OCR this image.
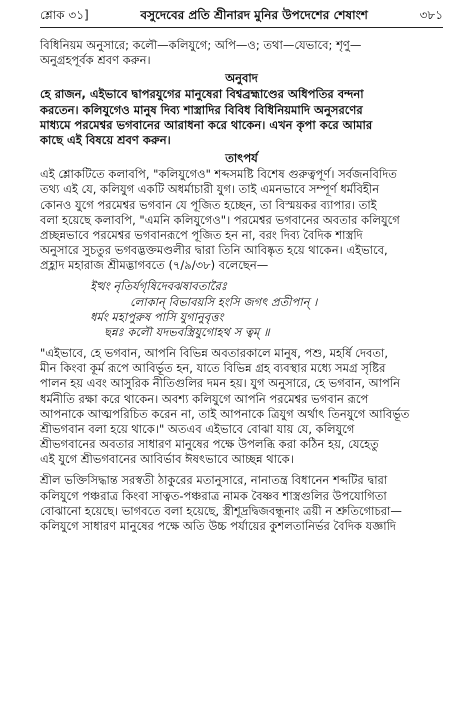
শ্লোক ৩১]	বসুদেবের প্রতি শ্রীনারদ মুনির উপদেশের শেষাংশ	৩৮১

বিধিনিয়ম অনুসারে; কলৌ—কলিযুগে; অপি—ও; তথা—যেভাবে; শৃণু—
অনুগ্রহপূর্বক শ্রবণ করুন।

অনুবাদ

হে রাজন, এইভাবে দ্বাপরযুগের মানুষেরা বিশ্বব্রহ্মাণ্ডের অধিপতির বন্দনা
করতেন। কলিযুগেও মানুষ দিব্য শাস্ত্রাদির বিবিধ বিধিনিয়মাদি অনুসরণের
মাধ্যমে পরমেশ্বর ভগবানের আরাধনা করে থাকেন। এখন কৃপা করে আমার
কাছে এই বিষয়ে শ্রবণ করুন।

তাৎপর্য

এই শ্লোকটিতে কলাবপি, "কলিযুগেও" শব্দসমষ্টি বিশেষ গুরুত্বপূর্ণ। সর্বজনবিদিত
তথ্য এই যে, কলিযুগ একটি অধর্মাচারী যুগ। তাই এমনভাবে সম্পূর্ণ ধর্মবিহীন
কোনও যুগে পরমেশ্বর ভগবান যে পূজিত হচ্ছেন, তা বিস্ময়কর ব্যাপার। তাই
বলা হয়েছে কলাবপি, "এমনি কলিযুগেও"। পরমেশ্বর ভগবানের অবতার কলিযুগে
প্রচ্ছন্নভাবে পরমেশ্বর ভগবানরূপে পূজিত হন না, বরং দিব্য বৈদিক শাস্ত্রদি
অনুসারে সুচতুর ভগবদ্ভক্তমণ্ডলীর দ্বারা তিনি আবিষ্কৃত হয়ে থাকেন। এইভাবে,
প্রহ্লাদ মহারাজ শ্রীমদ্ভাগবতে (৭/৯/৩৮) বলেছেন—

ইত্থং নৃতির্যগৃষিদেবঝষাবতারৈঃ
লোকান্‌ বিভাবয়সি হংসি জগৎ প্রতীপান্‌ ।
ধর্মং মহাপুরুষ পাসি যুগানুবৃত্তং
ছন্নঃ কলৌ যদভবস্ত্রিযুগোহথ স ত্বম্‌ ॥

"এইভাবে, হে ভগবান, আপনি বিভিন্ন অবতারকালে মানুষ, পশু, মহর্ষি দেবতা,
মীন কিংবা কূর্ম রূপে আবির্ভূত হন, যাতে বিভিন্ন গ্রহ ব্যবস্থার মধ্যে সমগ্র সৃষ্টির
পালন হয় এবং আসুরিক নীতিগুলির দমন হয়। যুগ অনুসারে, হে ভগবান, আপনি
ধর্মনীতি রক্ষা করে থাকেন। অবশ্য কলিযুগে আপনি পরমেশ্বর ভগবান রূপে
আপনাকে আত্মপরিচিত করেন না, তাই আপনাকে ত্রিযুগ অর্থাৎ তিনযুগে আবির্ভূত
শ্রীভগবান বলা হয়ে থাকে।" অতএব এইভাবে বোঝা যায় যে, কলিযুগে
শ্রীভগবানের অবতার সাধারণ মানুষের পক্ষে উপলব্ধি করা কঠিন হয়, যেহেতু
এই যুগে শ্রীভগবানের আবির্ভাব ঈষৎভাবে আচ্ছন্ন থাকে।

শ্রীল ভক্তিসিদ্ধান্ত সরস্বতী ঠাকুরের মতানুসারে, নানাতন্ত্র বিধানেন শব্দটির দ্বারা
কলিযুগে পঞ্চরাত্র কিংবা সাত্বত-পঞ্চরাত্র নামক বৈষ্ণব শাস্ত্রগুলির উপযোগিতা
বোঝানো হয়েছে। ভাগবতে বলা হয়েছে, স্ত্রীশূদ্রদ্বিজবন্ধূনাং ত্রয়ী ন শ্রুতিগোচরা—
কলিযুগে সাধারণ মানুষের পক্ষে অতি উচ্চ পর্যায়ের কুশলতানির্ভর বৈদিক যজ্ঞাদি
